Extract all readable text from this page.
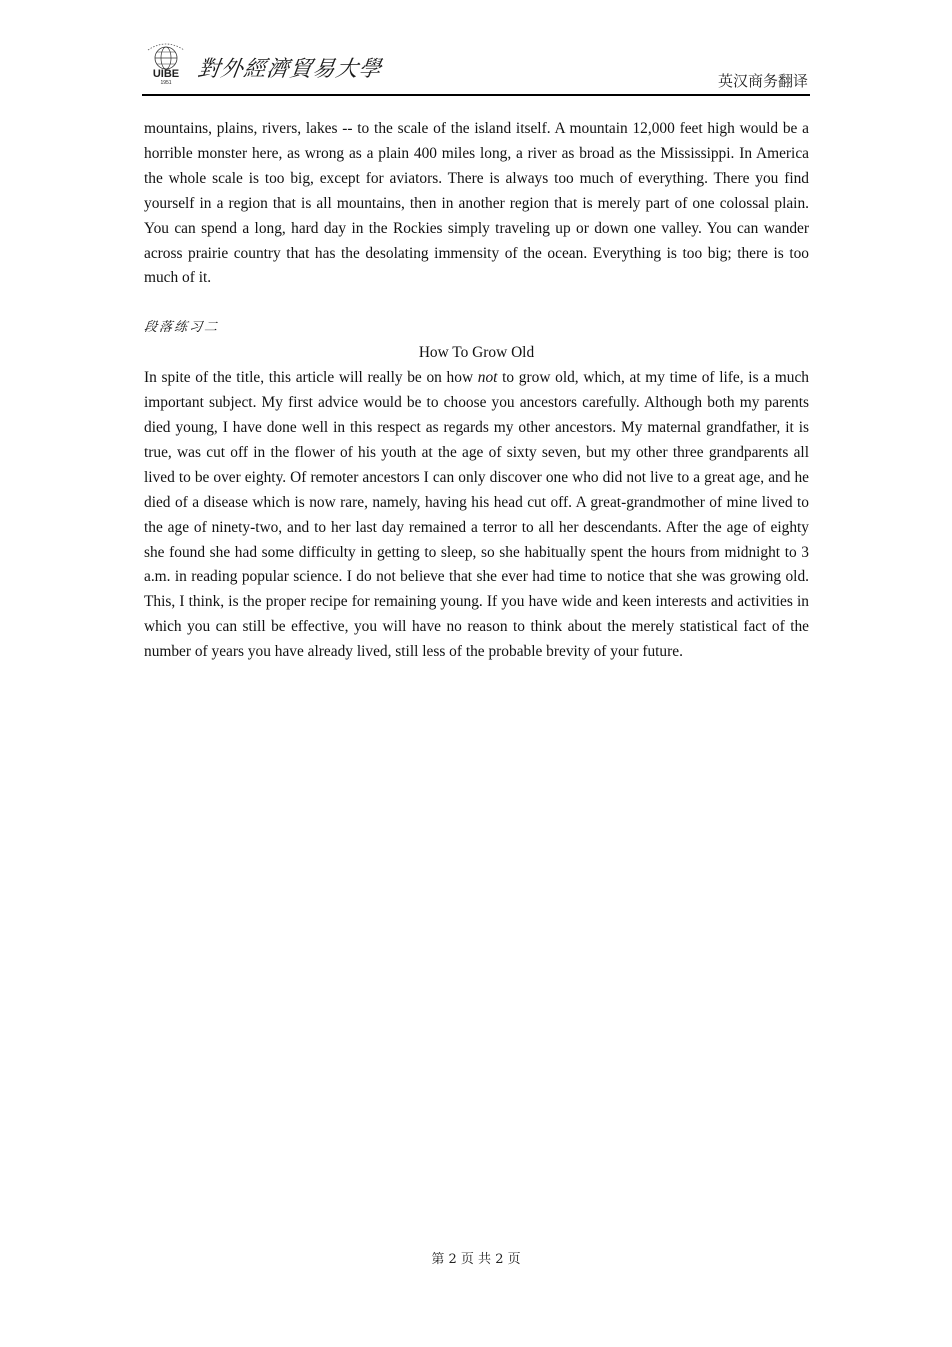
UIBE
1951
對外經濟貿易大學	英汉商务翻译

mountains, plains, rivers, lakes -- to the scale of the island itself. A mountain 12,000 feet high would be a horrible monster here, as wrong as a plain 400 miles long, a river as broad as the Mississippi. In America the whole scale is too big, except for aviators. There is always too much of everything. There you find yourself in a region that is all mountains, then in another region that is merely part of one colossal plain. You can spend a long, hard day in the Rockies simply traveling up or down one valley. You can wander across prairie country that has the desolating immensity of the ocean. Everything is too big; there is too much of it.

段落练习二

How To Grow Old

In spite of the title, this article will really be on how not to grow old, which, at my time of life, is a much important subject. My first advice would be to choose you ancestors carefully. Although both my parents died young, I have done well in this respect as regards my other ancestors. My maternal grandfather, it is true, was cut off in the flower of his youth at the age of sixty seven, but my other three grandparents all lived to be over eighty. Of remoter ancestors I can only discover one who did not live to a great age, and he died of a disease which is now rare, namely, having his head cut off. A great-grandmother of mine lived to the age of ninety-two, and to her last day remained a terror to all her descendants. After the age of eighty she found she had some difficulty in getting to sleep, so she habitually spent the hours from midnight to 3 a.m. in reading popular science. I do not believe that she ever had time to notice that she was growing old. This, I think, is the proper recipe for remaining young. If you have wide and keen interests and activities in which you can still be effective, you will have no reason to think about the merely statistical fact of the number of years you have already lived, still less of the probable brevity of your future.

第 2 页 共 2 页
